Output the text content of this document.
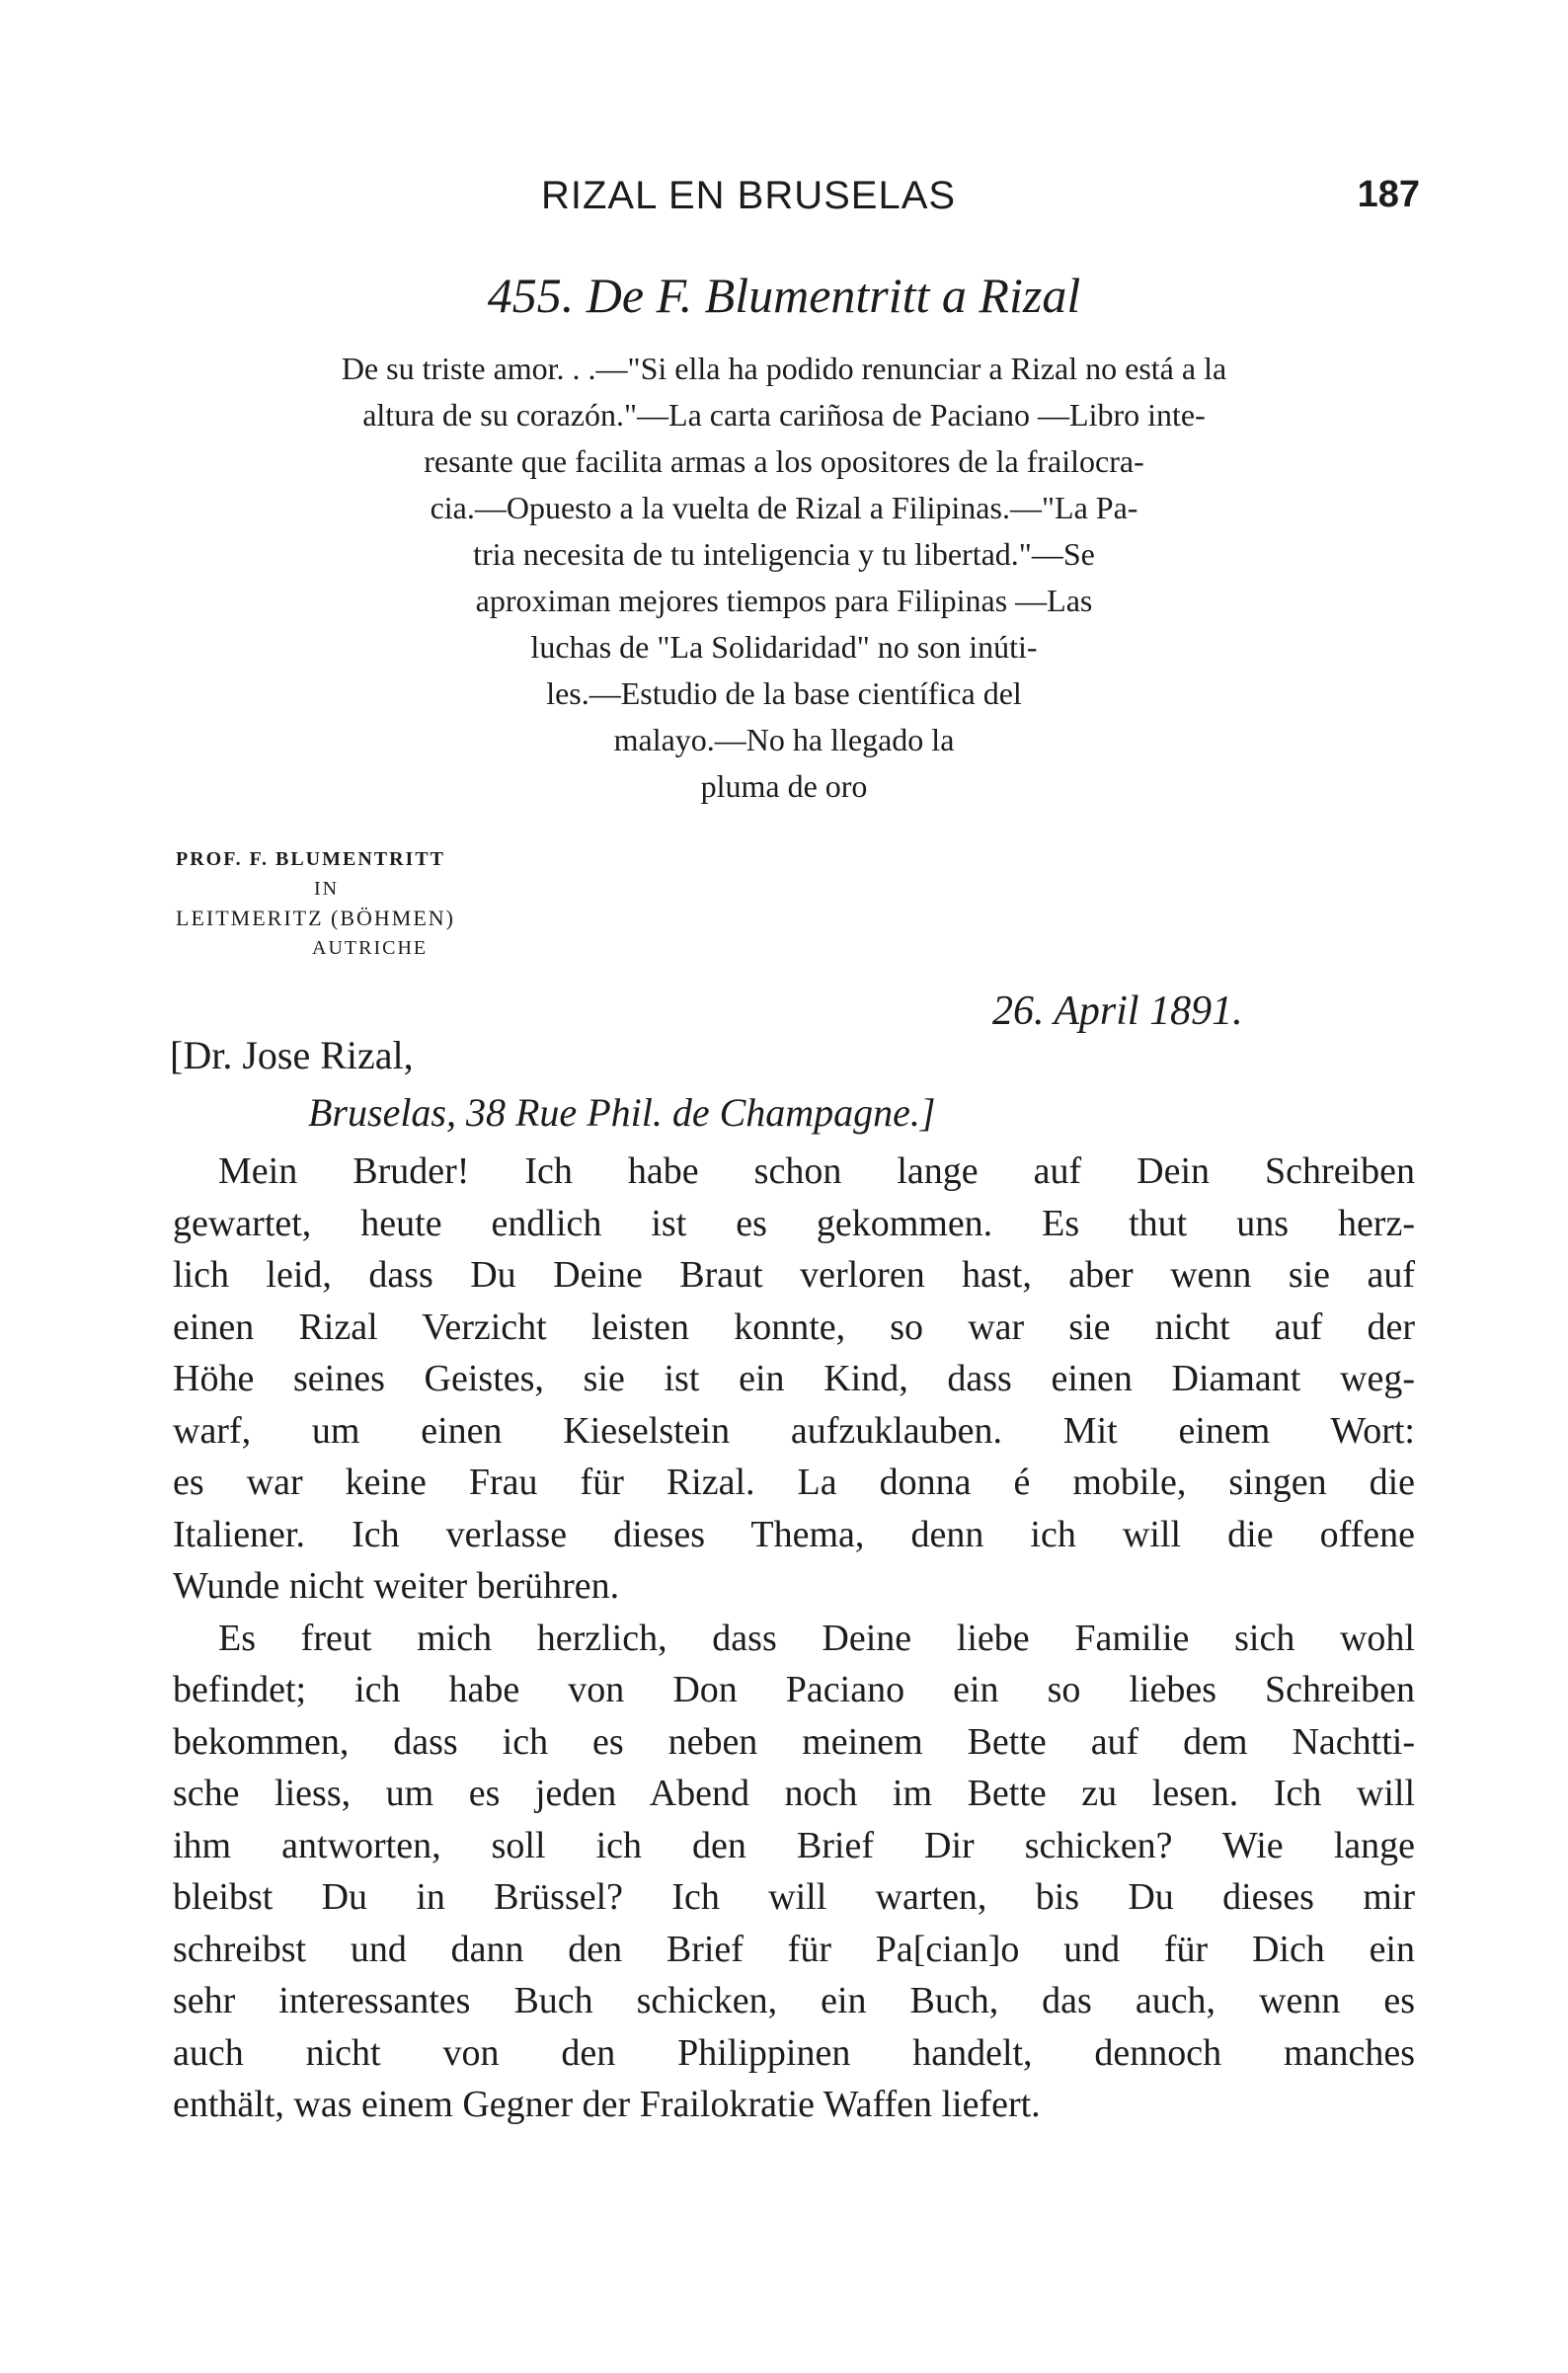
RIZAL EN BRUSELAS	187
455. De F. Blumentritt a Rizal
De su triste amor. . .—"Si ella ha podido renunciar a Rizal no está a la
altura de su corazón."—La carta cariñosa de Paciano —Libro inte-
resante que facilita armas a los opositores de la frailocra-
cia.—Opuesto a la vuelta de Rizal a Filipinas.—"La Pa-
tria necesita de tu inteligencia y tu libertad."—Se
aproximan mejores tiempos para Filipinas —Las
luchas de "La Solidaridad" no son inúti-
les.—Estudio de la base científica del
malayo.—No ha llegado la
pluma de oro
PROF. F. BLUMENTRITT
IN
LEITMERITZ (BÖHMEN)
AUTRICHE
26. April 1891.
[Dr. Jose Rizal,
Bruselas, 38 Rue Phil. de Champagne.]
Mein Bruder! Ich habe schon lange auf Dein Schreiben
gewartet, heute endlich ist es gekommen. Es thut uns herz-
lich leid, dass Du Deine Braut verloren hast, aber wenn sie auf
einen Rizal Verzicht leisten konnte, so war sie nicht auf der
Höhe seines Geistes, sie ist ein Kind, dass einen Diamant weg-
warf, um einen Kieselstein aufzuklauben. Mit einem Wort:
es war keine Frau für Rizal. La donna é mobile, singen die
Italiener. Ich verlasse dieses Thema, denn ich will die offene
Wunde nicht weiter berühren.
Es freut mich herzlich, dass Deine liebe Familie sich wohl
befindet; ich habe von Don Paciano ein so liebes Schreiben
bekommen, dass ich es neben meinem Bette auf dem Nachtti-
sche liess, um es jeden Abend noch im Bette zu lesen. Ich will
ihm antworten, soll ich den Brief Dir schicken? Wie lange
bleibst Du in Brüssel? Ich will warten, bis Du dieses mir
schreibst und dann den Brief für Pa[cian]o und für Dich ein
sehr interessantes Buch schicken, ein Buch, das auch, wenn es
auch nicht von den Philippinen handelt, dennoch manches
enthält, was einem Gegner der Frailokratie Waffen liefert.
